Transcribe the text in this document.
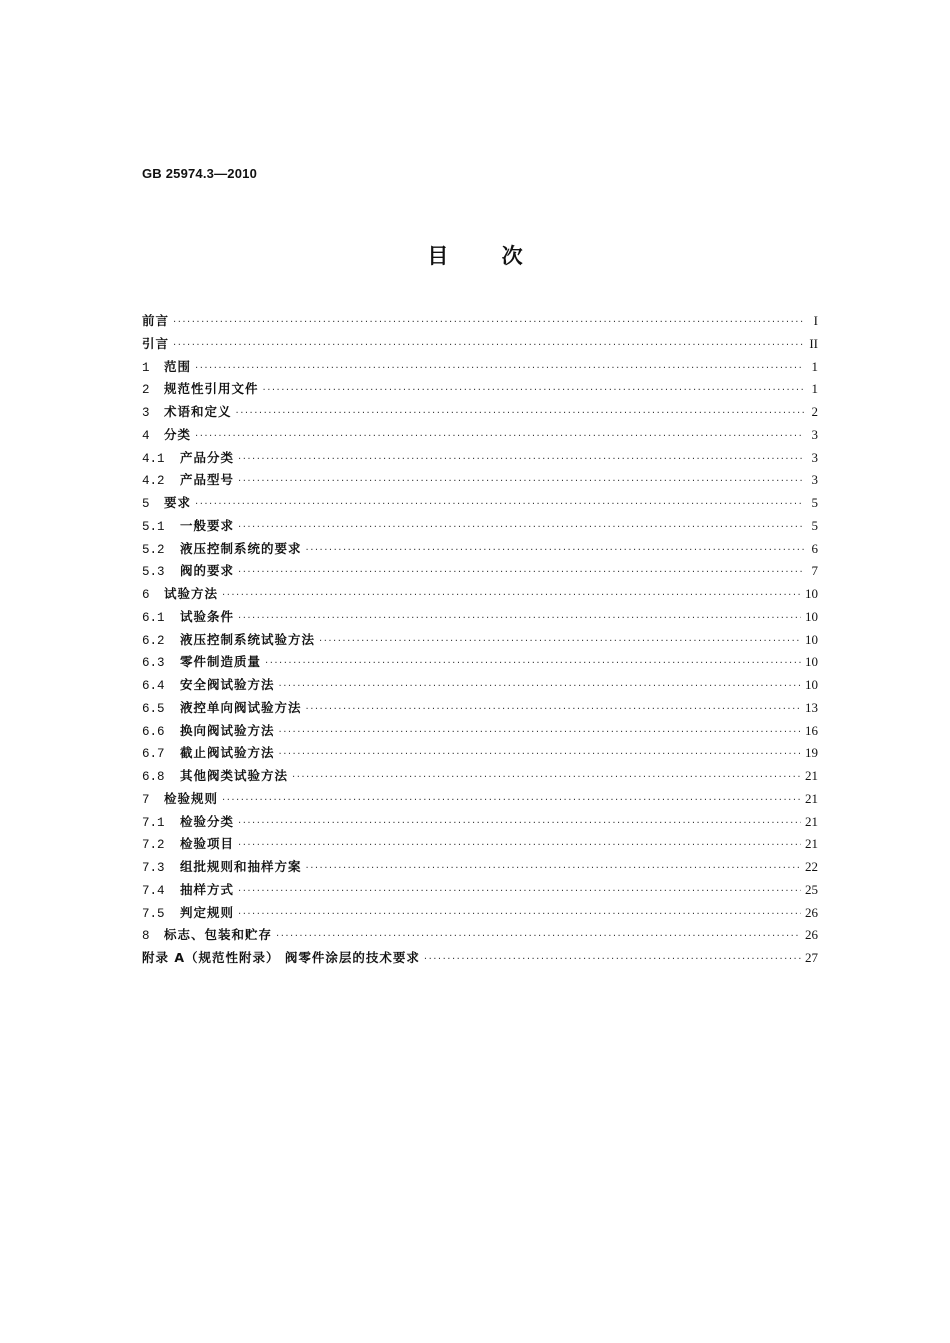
GB 25974.3—2010
目 次
前言 ·····	I
引言 ·····	II
1	范围 ·····	1
2	规范性引用文件 ·····	1
3	术语和定义 ·····	2
4	分类 ·····	3
4.1	产品分类 ·····	3
4.2	产品型号 ·····	3
5	要求 ·····	5
5.1	一般要求 ·····	5
5.2	液压控制系统的要求 ·····	6
5.3	阀的要求 ·····	7
6	试验方法 ·····	10
6.1	试验条件 ·····	10
6.2	液压控制系统试验方法 ·····	10
6.3	零件制造质量 ·····	10
6.4	安全阀试验方法 ·····	10
6.5	液控单向阀试验方法 ·····	13
6.6	换向阀试验方法 ·····	16
6.7	截止阀试验方法 ·····	19
6.8	其他阀类试验方法 ·····	21
7	检验规则 ·····	21
7.1	检验分类 ·····	21
7.2	检验项目 ·····	21
7.3	组批规则和抽样方案 ·····	22
7.4	抽样方式 ·····	25
7.5	判定规则 ·····	26
8	标志、包装和贮存 ·····	26
附录 A（规范性附录） 阀零件涂层的技术要求 ·····	27
